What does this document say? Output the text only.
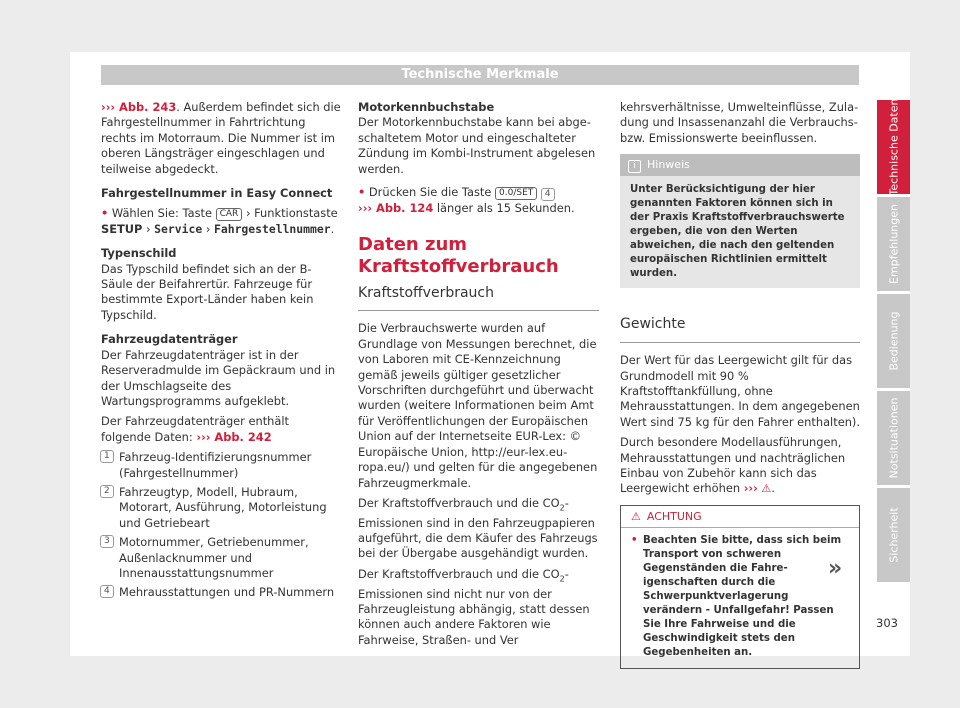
Technische Merkmale

››› Abb. 243. Außerdem befindet sich die Fahrgestellnummer in Fahrtrichtung rechts im Motorraum. Die Nummer ist im oberen Längsträger eingeschlagen und teilweise abgedeckt.

Fahrgestellnummer in Easy Connect

• Wählen Sie: Taste CAR › Funktionstaste
SETUP › Service › Fahrgestellnummer.

Typenschild

Das Typschild befindet sich an der B-Säule der Beifahrertür. Fahrzeuge für bestimmte Export-Länder haben kein Typschild.

Fahrzeugdatenträger

Der Fahrzeugdatenträger ist in der Reserveradmulde im Gepäckraum und in der Umschlagseite des Wartungsprogramms aufgeklebt.

Der Fahrzeugdatenträger enthält folgende Daten: ››› Abb. 242

1 Fahrzeug-Identifizierungsnummer (Fahrgestellnummer)
2 Fahrzeugtyp, Modell, Hubraum, Motorart, Ausführung, Motorleistung und Getriebeart
3 Motornummer, Getriebenummer, Außenlacknummer und Innenausstattungsnummer
4 Mehrausstattungen und PR-Nummern

Motorkennbuchstabe

Der Motorkennbuchstabe kann bei abgeschaltetem Motor und eingeschalteter Zündung im Kombi-Instrument abgelesen werden.

• Drücken Sie die Taste 0.0/SET 4
››› Abb. 124 länger als 15 Sekunden.

Daten zum Kraftstoffverbrauch
Kraftstoffverbrauch

Die Verbrauchswerte wurden auf Grundlage von Messungen berechnet, die von Laboren mit CE-Kennzeichnung gemäß jeweils gültiger gesetzlicher Vorschriften durchgeführt und überwacht wurden (weitere Informationen beim Amt für Veröffentlichungen der Europäischen Union auf der Internetseite EUR-Lex: © Europäische Union, http://eur-lex.europa.eu/) und gelten für die angegebenen Fahrzeugmerkmale.

Der Kraftstoffverbrauch und die $CO_2$-Emissionen sind in den Fahrzeugpapieren aufgeführt, die dem Käufer des Fahrzeugs bei der Übergabe ausgehändigt wurden.

Der Kraftstoffverbrauch und die $CO_2$-Emissionen sind nicht nur von der Fahrzeugleistung abhängig, statt dessen können auch andere Faktoren wie Fahrweise, Straßen- und Ver

kehrsverhältnisse, Umwelteinflüsse, Zuladung und Insassenanzahl die Verbrauchs- bzw. Emissionswerte beeinflussen.

i Hinweis
Unter Berücksichtigung der hier genannten Faktoren können sich in der Praxis Kraftstoffverbrauchswerte ergeben, die von den Werten abweichen, die nach den geltenden europäischen Richtlinien ermittelt wurden.
Gewichte

Der Wert für das Leergewicht gilt für das Grundmodell mit 90 % Kraftstofftankfüllung, ohne Mehrausstattungen. In dem angegebenen Wert sind 75 kg für den Fahrer enthalten).

Durch besondere Modellausführungen, Mehrausstattungen und nachträglichen Einbau von Zubehör kann sich das Leergewicht erhöhen ››› ⚠.

⚠ ACHTUNG
• Beachten Sie bitte, dass sich beim Transport von schweren Gegenständen die Fahreigenschaften durch die Schwerpunktverlagerung verändern - Unfallgefahr! Passen Sie Ihre Fahrweise und die Geschwindigkeit stets den Gegebenheiten an.
»
Technische Daten
Empfehlungen
Bedienung
Notsituationen
Sicherheit
303
